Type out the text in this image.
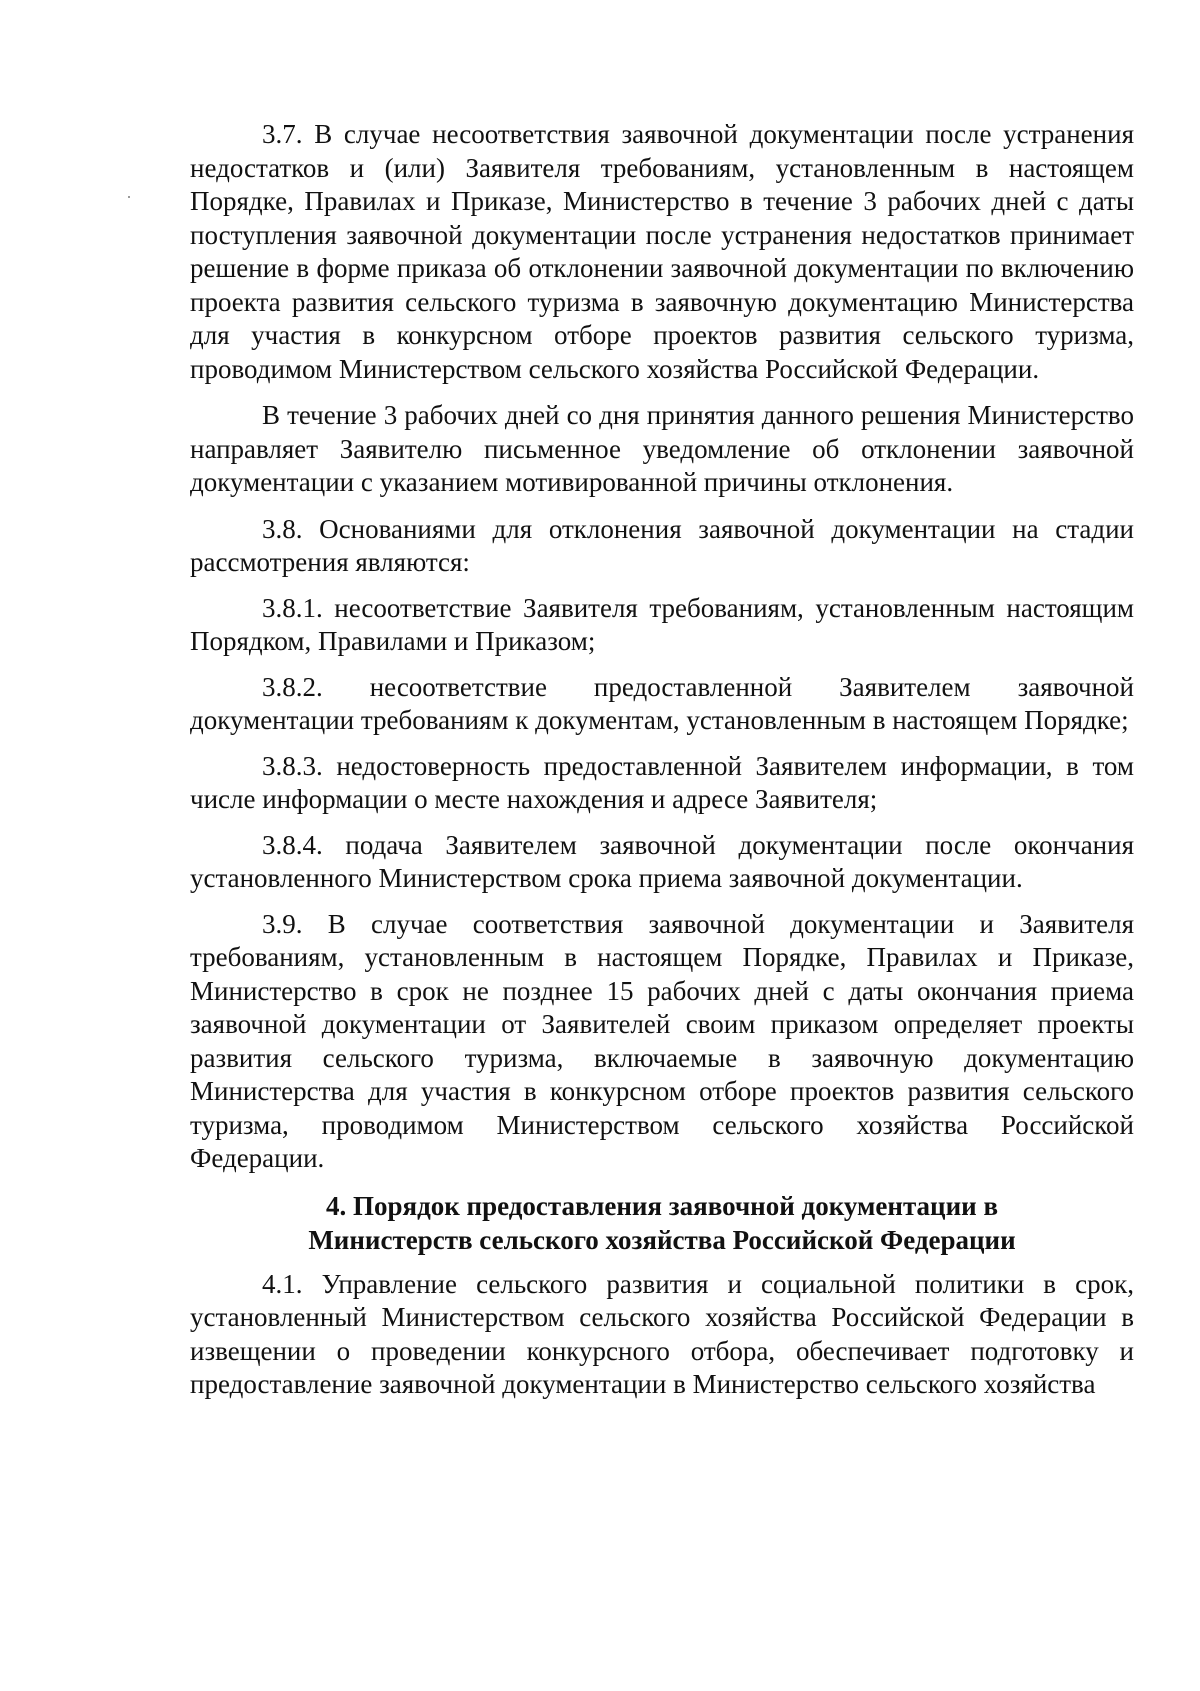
3.7. В случае несоответствия заявочной документации после устранения недостатков и (или) Заявителя требованиям, установленным в настоящем Порядке, Правилах и Приказе, Министерство в течение 3 рабочих дней с даты поступления заявочной документации после устранения недостатков принимает решение в форме приказа об отклонении заявочной документации по включению проекта развития сельского туризма в заявочную документацию Министерства для участия в конкурсном отборе проектов развития сельского туризма, проводимом Министерством сельского хозяйства Российской Федерации.

В течение 3 рабочих дней со дня принятия данного решения Министерство направляет Заявителю письменное уведомление об отклонении заявочной документации с указанием мотивированной причины отклонения.

3.8. Основаниями для отклонения заявочной документации на стадии рассмотрения являются:

3.8.1. несоответствие Заявителя требованиям, установленным настоящим Порядком, Правилами и Приказом;

3.8.2. несоответствие предоставленной Заявителем заявочной документации требованиям к документам, установленным в настоящем Порядке;

3.8.3. недостоверность предоставленной Заявителем информации, в том числе информации о месте нахождения и адресе Заявителя;

3.8.4. подача Заявителем заявочной документации после окончания установленного Министерством срока приема заявочной документации.

3.9. В случае соответствия заявочной документации и Заявителя требованиям, установленным в настоящем Порядке, Правилах и Приказе, Министерство в срок не позднее 15 рабочих дней с даты окончания приема заявочной документации от Заявителей своим приказом определяет проекты развития сельского туризма, включаемые в заявочную документацию Министерства для участия в конкурсном отборе проектов развития сельского туризма, проводимом Министерством сельского хозяйства Российской Федерации.

4. Порядок предоставления заявочной документации в
Министерств сельского хозяйства Российской Федерации

4.1. Управление сельского развития и социальной политики в срок, установленный Министерством сельского хозяйства Российской Федерации в извещении о проведении конкурсного отбора, обеспечивает подготовку и предоставление заявочной документации в Министерство сельского хозяйства
